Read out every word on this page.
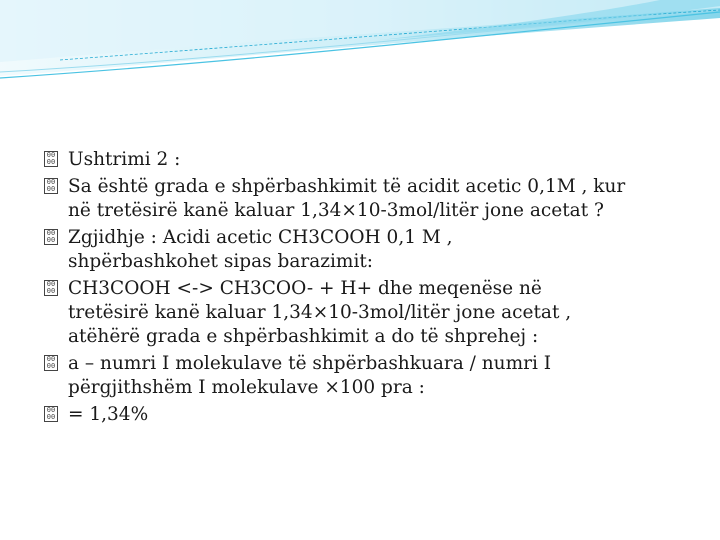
00
00 Ushtrimi 2 :
00
00 Sa është grada e shpërbashkimit të acidit acetic 0,1M , kur
në tretësirë kanë kaluar 1,34×10-3mol/litër jone acetat ?
00
00 Zgjidhje : Acidi acetic CH3COOH 0,1 M ,
shpërbashkohet sipas barazimit:
00
00 CH3COOH <-> CH3COO- + H+ dhe meqenëse në
tretësirë kanë kaluar 1,34×10-3mol/litër jone acetat ,
atëhërë grada e shpërbashkimit a do të shprehej :
00
00 a – numri I molekulave të shpërbashkuara / numri I
përgjithshëm I molekulave ×100 pra :
00
00 = 1,34%
